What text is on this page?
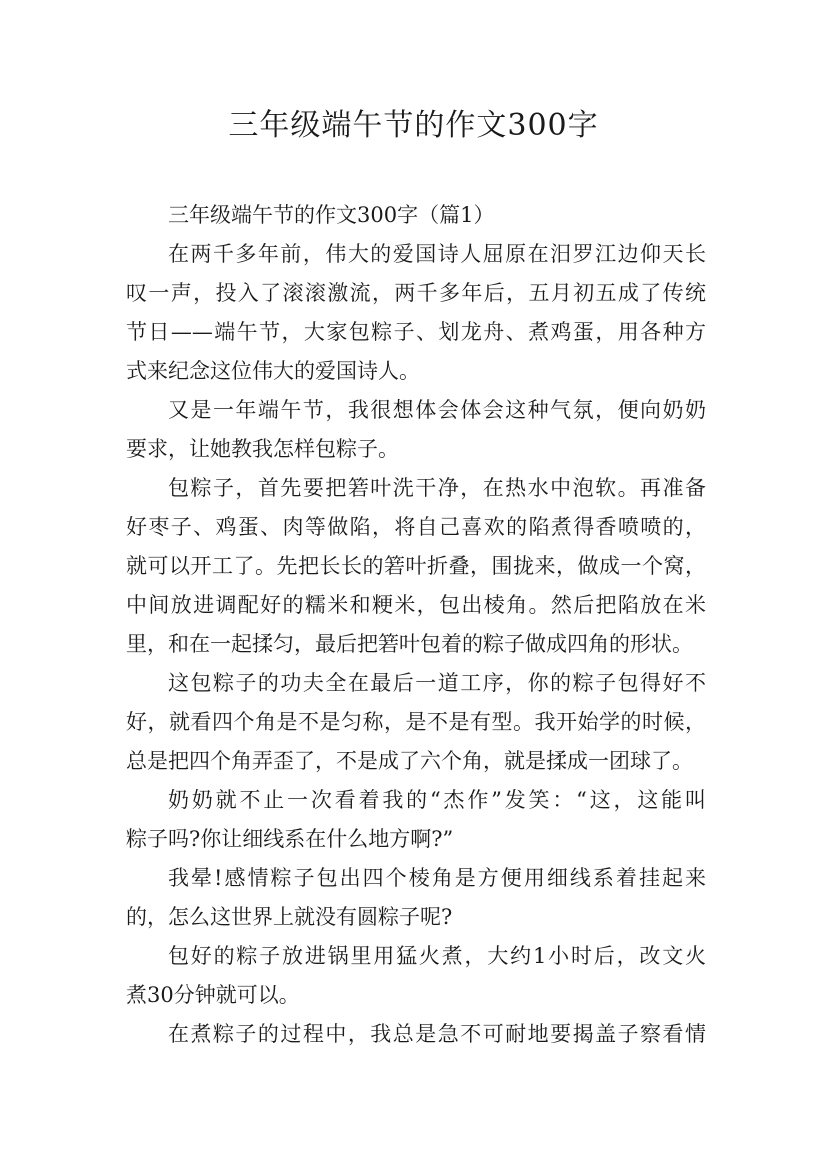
三年级端午节的作文300字
三年级端午节的作文300字（篇1）
在两千多年前，伟大的爱国诗人屈原在汨罗江边仰天长
叹一声，投入了滚滚激流，两千多年后，五月初五成了传统
节日——端午节，大家包粽子、划龙舟、煮鸡蛋，用各种方
式来纪念这位伟大的爱国诗人。
又是一年端午节，我很想体会体会这种气氛，便向奶奶
要求，让她教我怎样包粽子。
包粽子，首先要把箬叶洗干净，在热水中泡软。再准备
好枣子、鸡蛋、肉等做陷，将自己喜欢的陷煮得香喷喷的，
就可以开工了。先把长长的箬叶折叠，围拢来，做成一个窝，
中间放进调配好的糯米和粳米，包出棱角。然后把陷放在米
里，和在一起揉匀，最后把箬叶包着的粽子做成四角的形状。
这包粽子的功夫全在最后一道工序，你的粽子包得好不
好，就看四个角是不是匀称，是不是有型。我开始学的时候，
总是把四个角弄歪了，不是成了六个角，就是揉成一团球了。
奶奶就不止一次看着我的“杰作”发笑：“这，这能叫
粽子吗?你让细线系在什么地方啊?”
我晕!感情粽子包出四个棱角是方便用细线系着挂起来
的，怎么这世界上就没有圆粽子呢?
包好的粽子放进锅里用猛火煮，大约1小时后，改文火
煮30分钟就可以。
在煮粽子的过程中，我总是急不可耐地要揭盖子察看情
